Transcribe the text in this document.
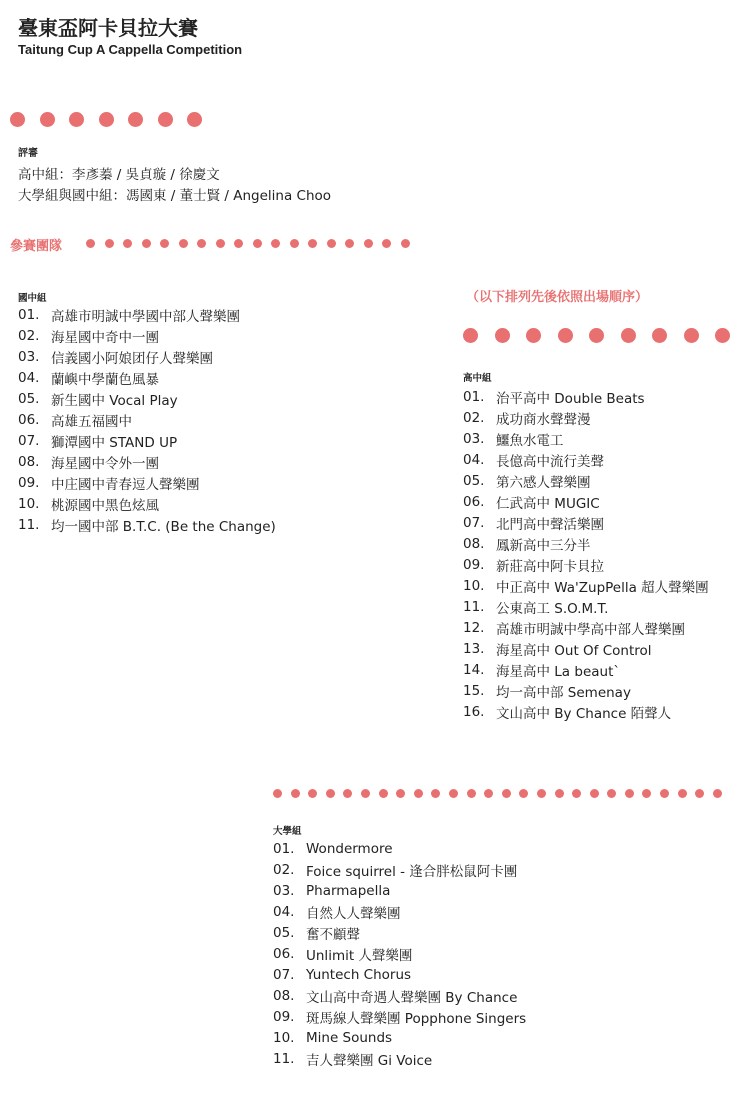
臺東盃阿卡貝拉大賽
Taitung Cup A Cappella Competition
評審
高中組：李彥蓁 / 吳貞璇 / 徐慶文
大學組與國中組：馮國東 / 董士賢 / Angelina Choo
參賽團隊
（以下排列先後依照出場順序）
國中組
01. 高雄市明誠中學國中部人聲樂團
02. 海星國中奇中一團
03. 信義國小阿娘团仔人聲樂團
04. 蘭嶼中學蘭色風暴
05. 新生國中 Vocal Play
06. 高雄五福國中
07. 獅潭國中 STAND UP
08. 海星國中令外一團
09. 中庄國中青春逗人聲樂團
10. 桃源國中黑色炫風
11. 均一國中部 B.T.C. (Be the Change)
高中組
01. 治平高中 Double Beats
02. 成功商水聲聲漫
03. 鱷魚水電工
04. 長億高中流行美聲
05. 第六感人聲樂團
06. 仁武高中 MUGIC
07. 北門高中聲活樂團
08. 鳳新高中三分半
09. 新莊高中阿卡貝拉
10. 中正高中 Wa'ZupPella 超人聲樂團
11. 公東高工 S.O.M.T.
12. 高雄市明誠中學高中部人聲樂團
13. 海星高中 Out Of Control
14. 海星高中 La beaut`
15. 均一高中部 Semenay
16. 文山高中 By Chance 陌聲人
大學組
01. Wondermore
02. Foice squirrel - 逢合胖松鼠阿卡團
03. Pharmapella
04. 自然人人聲樂團
05. 奮不顧聲
06. Unlimit 人聲樂團
07. Yuntech Chorus
08. 文山高中奇遇人聲樂團 By Chance
09. 斑馬線人聲樂團 Popphone Singers
10. Mine Sounds
11. 吉人聲樂團 Gi Voice
